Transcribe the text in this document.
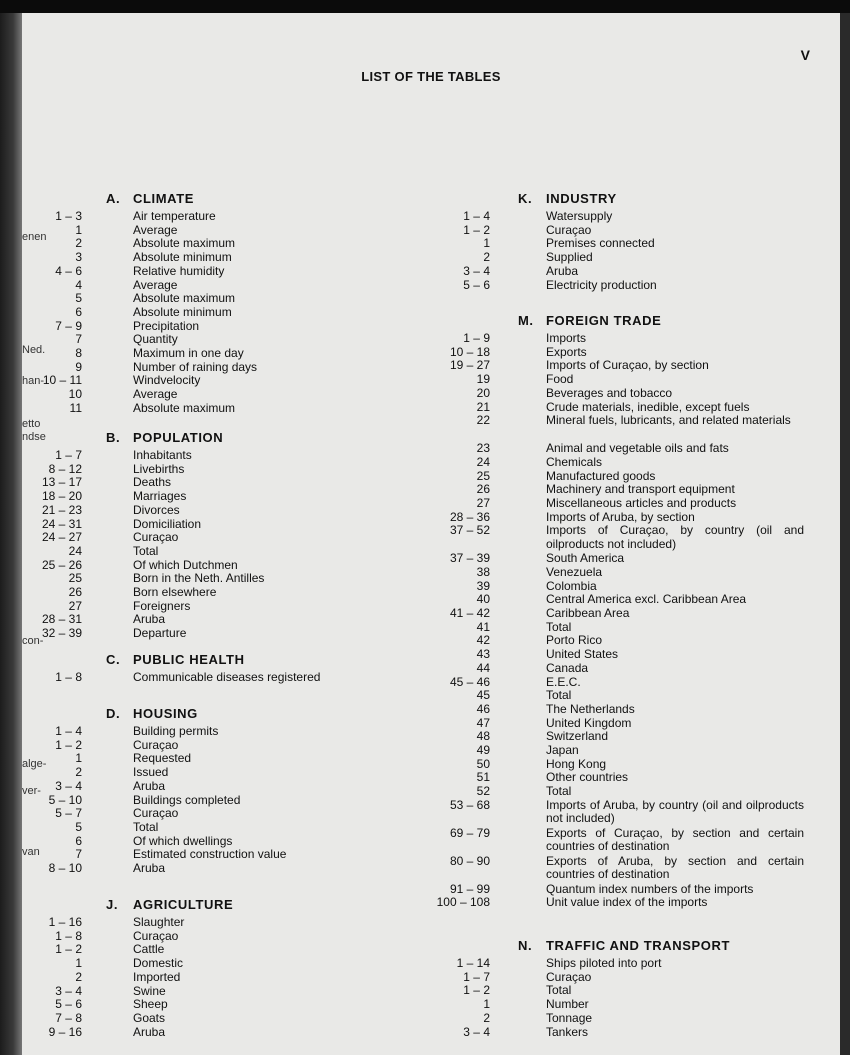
enen
Ned.
han-
etto
ndse
con-
alge-
ver-
van
V
LIST OF THE TABLES
A. CLIMATE
1 – 3	Air temperature
1	Average
2	Absolute maximum
3	Absolute minimum
4 – 6	Relative humidity
4	Average
5	Absolute maximum
6	Absolute minimum
7 – 9	Precipitation
7	Quantity
8	Maximum in one day
9	Number of raining days
10 – 11	Windvelocity
10	Average
11	Absolute maximum
B. POPULATION
1 – 7	Inhabitants
8 – 12	Livebirths
13 – 17	Deaths
18 – 20	Marriages
21 – 23	Divorces
24 – 31	Domiciliation
24 – 27	Curaçao
24	Total
25 – 26	Of which Dutchmen
25	Born in the Neth. Antilles
26	Born elsewhere
27	Foreigners
28 – 31	Aruba
32 – 39	Departure
C. PUBLIC HEALTH
1 – 8	Communicable diseases registered
D. HOUSING
1 – 4	Building permits
1 – 2	Curaçao
1	Requested
2	Issued
3 – 4	Aruba
5 – 10	Buildings completed
5 – 7	Curaçao
5	Total
6	Of which dwellings
7	Estimated construction value
8 – 10	Aruba
J. AGRICULTURE
1 – 16	Slaughter
1 – 8	Curaçao
1 – 2	Cattle
1	Domestic
2	Imported
3 – 4	Swine
5 – 6	Sheep
7 – 8	Goats
9 – 16	Aruba
K. INDUSTRY
1 – 4	Watersupply
1 – 2	Curaçao
1	Premises connected
2	Supplied
3 – 4	Aruba
5 – 6	Electricity production
M. FOREIGN TRADE
1 – 9	Imports
10 – 18	Exports
19 – 27	Imports of Curaçao, by section
19	Food
20	Beverages and tobacco
21	Crude materials, inedible, except fuels
22	Mineral fuels, lubricants, and related materials
23	Animal and vegetable oils and fats
24	Chemicals
25	Manufactured goods
26	Machinery and transport equipment
27	Miscellaneous articles and products
28 – 36	Imports of Aruba, by section
37 – 52	Imports of Curaçao, by country (oil and oilproducts not included)
37 – 39	South America
38	Venezuela
39	Colombia
40	Central America excl. Caribbean Area
41 – 42	Caribbean Area
41	Total
42	Porto Rico
43	United States
44	Canada
45 – 46	E.E.C.
45	Total
46	The Netherlands
47	United Kingdom
48	Switzerland
49	Japan
50	Hong Kong
51	Other countries
52	Total
53 – 68	Imports of Aruba, by country (oil and oilproducts not included)
69 – 79	Exports of Curaçao, by section and certain countries of destination
80 – 90	Exports of Aruba, by section and certain countries of destination
91 – 99	Quantum index numbers of the imports
100 – 108	Unit value index of the imports
N. TRAFFIC AND TRANSPORT
1 – 14	Ships piloted into port
1 – 7	Curaçao
1 – 2	Total
1	Number
2	Tonnage
3 – 4	Tankers
